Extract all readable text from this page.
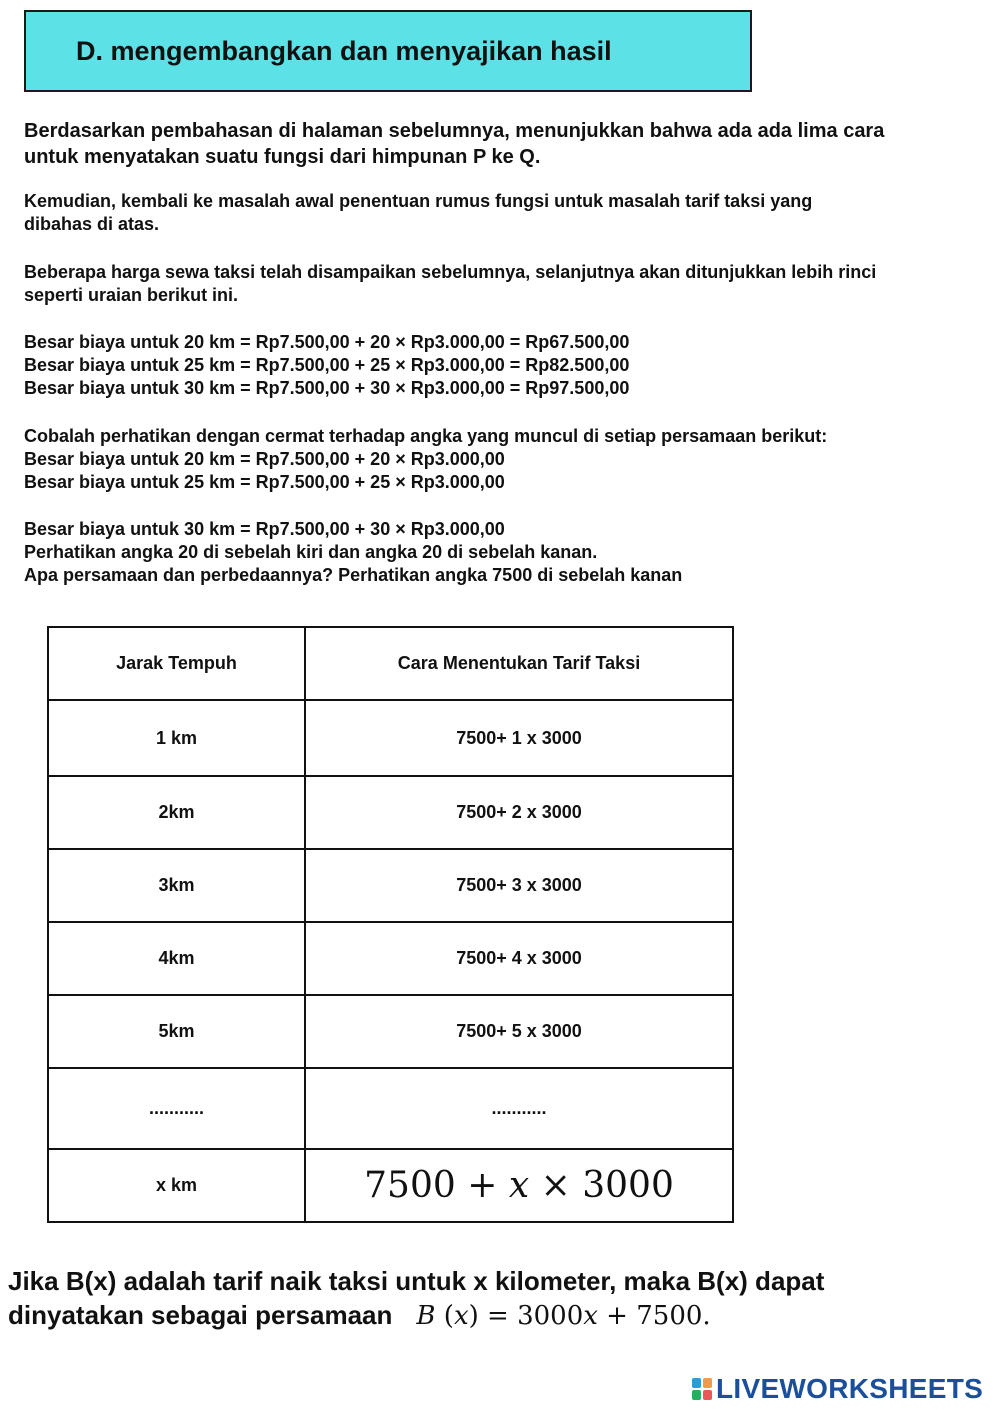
D. mengembangkan dan menyajikan hasil
Berdasarkan pembahasan di halaman sebelumnya, menunjukkan bahwa ada ada lima cara
untuk menyatakan suatu fungsi dari himpunan P ke Q.
Kemudian, kembali ke masalah awal penentuan rumus fungsi untuk masalah tarif taksi yang
dibahas di atas.
Beberapa harga sewa taksi telah disampaikan sebelumnya, selanjutnya akan ditunjukkan lebih rinci
seperti uraian berikut ini.
Besar biaya untuk 20 km = Rp7.500,00 + 20 × Rp3.000,00 = Rp67.500,00
Besar biaya untuk 25 km = Rp7.500,00 + 25 × Rp3.000,00 = Rp82.500,00
Besar biaya untuk 30 km = Rp7.500,00 + 30 × Rp3.000,00 = Rp97.500,00
Cobalah perhatikan dengan cermat terhadap angka yang muncul di setiap persamaan berikut:
Besar biaya untuk 20 km = Rp7.500,00 + 20 × Rp3.000,00
Besar biaya untuk 25 km = Rp7.500,00 + 25 × Rp3.000,00
Besar biaya untuk 30 km = Rp7.500,00 + 30 × Rp3.000,00
Perhatikan angka 20 di sebelah kiri dan angka 20 di sebelah kanan.
Apa persamaan dan perbedaannya? Perhatikan angka 7500 di sebelah kanan
Jarak Tempuh	Cara Menentukan Tarif Taksi
1 km	7500+ 1 x 3000
2km	7500+ 2 x 3000
3km	7500+ 3 x 3000
4km	7500+ 4 x 3000
5km	7500+ 5 x 3000
...........	...........
x km	7500 + x × 3000
Jika B(x) adalah tarif naik taksi untuk x kilometer, maka B(x) dapat
dinyatakan sebagai persamaan B (x) = 3000x + 7500.
LIVEWORKSHEETS
